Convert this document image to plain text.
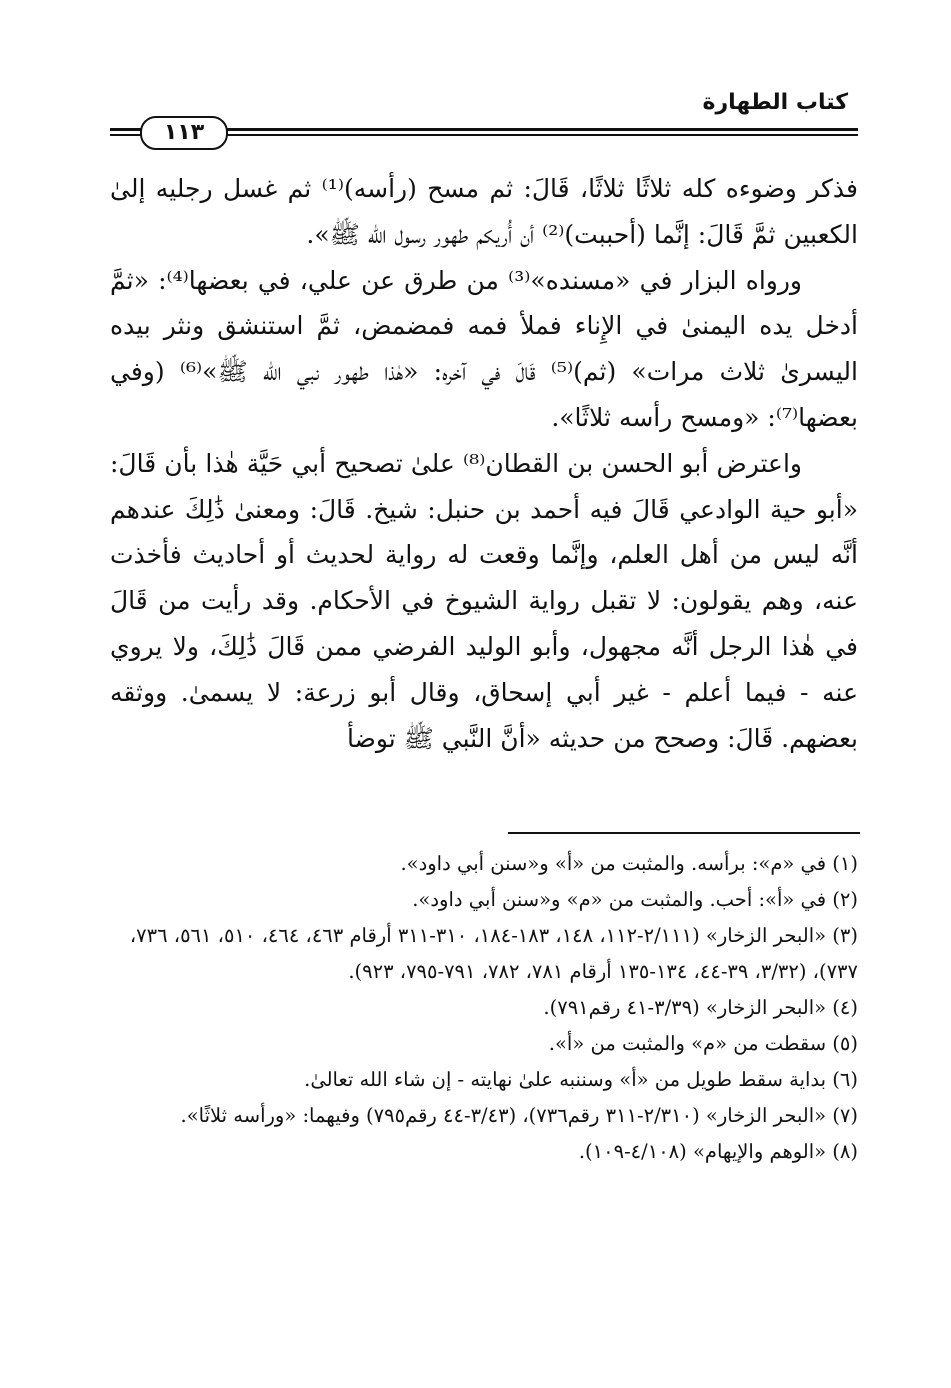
كتاب الطهارة
١١٣

فذكر وضوءه كله ثلاثًا ثلاثًا، قَالَ: ثم مسح (رأسه)⁽¹⁾ ثم غسل رجليه إلىٰ الكعبين ثمَّ قَالَ: إنَّما (أحببت)⁽²⁾ أن أُريكم طهور رسول الله ﷺ».

ورواه البزار في «مسنده»⁽³⁾ من طرق عن علي، في بعضها⁽⁴⁾: «ثمَّ أدخل يده اليمنىٰ في الإِناء فملأ فمه فمضمض، ثمَّ استنشق ونثر بيده اليسرىٰ ثلاث مرات» (ثم)⁽⁵⁾ قَالَ في آخره: «هٰذا طهور نبي الله ﷺ»⁽⁶⁾ (وفي بعضها⁽⁷⁾: «ومسح رأسه ثلاثًا».

واعترض أبو الحسن بن القطان⁽⁸⁾ علىٰ تصحيح أبي حَيَّة هٰذا بأن قَالَ: «أبو حية الوادعي قَالَ فيه أحمد بن حنبل: شيخ. قَالَ: ومعنىٰ ذَٰلِكَ عندهم أنَّه ليس من أهل العلم، وإنَّما وقعت له رواية لحديث أو أحاديث فأخذت عنه، وهم يقولون: لا تقبل رواية الشيوخ في الأحكام. وقد رأيت من قَالَ في هٰذا الرجل أنَّه مجهول، وأبو الوليد الفرضي ممن قَالَ ذَٰلِكَ، ولا يروي عنه - فيما أعلم - غير أبي إسحاق، وقال أبو زرعة: لا يسمىٰ. ووثقه بعضهم. قَالَ: وصحح من حديثه «أنَّ النَّبي ﷺ توضأ

(١) في «م»: برأسه. والمثبت من «أ» و«سنن أبي داود».

(٢) في «أ»: أحب. والمثبت من «م» و«سنن أبي داود».

(٣) «البحر الزخار» (٢/١١١-١١٢، ١٤٨، ١٨٣-١٨٤، ٣١٠-٣١١ أرقام ٤٦٣، ٤٦٤، ٥١٠، ٥٦١، ٧٣٦، ٧٣٧)، (٣/٣٢، ٣٩-٤٤، ١٣٤-١٣٥ أرقام ٧٨١، ٧٨٢، ٧٩١-٧٩٥، ٩٢٣).

(٤) «البحر الزخار» (٣/٣٩-٤١ رقم٧٩١).

(٥) سقطت من «م» والمثبت من «أ».

(٦) بداية سقط طويل من «أ» وسننبه علىٰ نهايته - إن شاء الله تعالىٰ.

(٧) «البحر الزخار» (٢/٣١٠-٣١١ رقم٧٣٦)، (٣/٤٣-٤٤ رقم٧٩٥) وفيهما: «ورأسه ثلاثًا».

(٨) «الوهم والإيهام» (٤/١٠٨-١٠٩).
